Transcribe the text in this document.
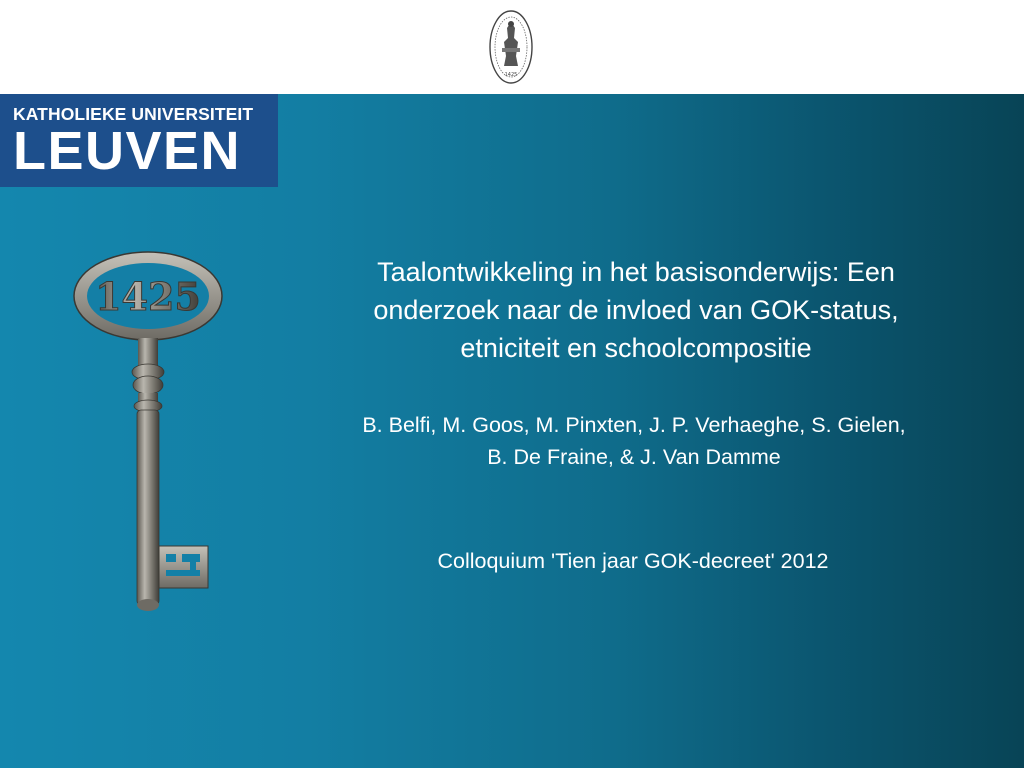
1425
KATHOLIEKE UNIVERSITEIT
LEUVEN
1425
Taalontwikkeling in het basisonderwijs: Een
onderzoek naar de invloed van GOK-status,
etniciteit en schoolcompositie

B. Belfi, M. Goos, M. Pinxten, J. P. Verhaeghe, S. Gielen,
B. De Fraine, & J. Van Damme

Colloquium 'Tien jaar GOK-decreet' 2012
